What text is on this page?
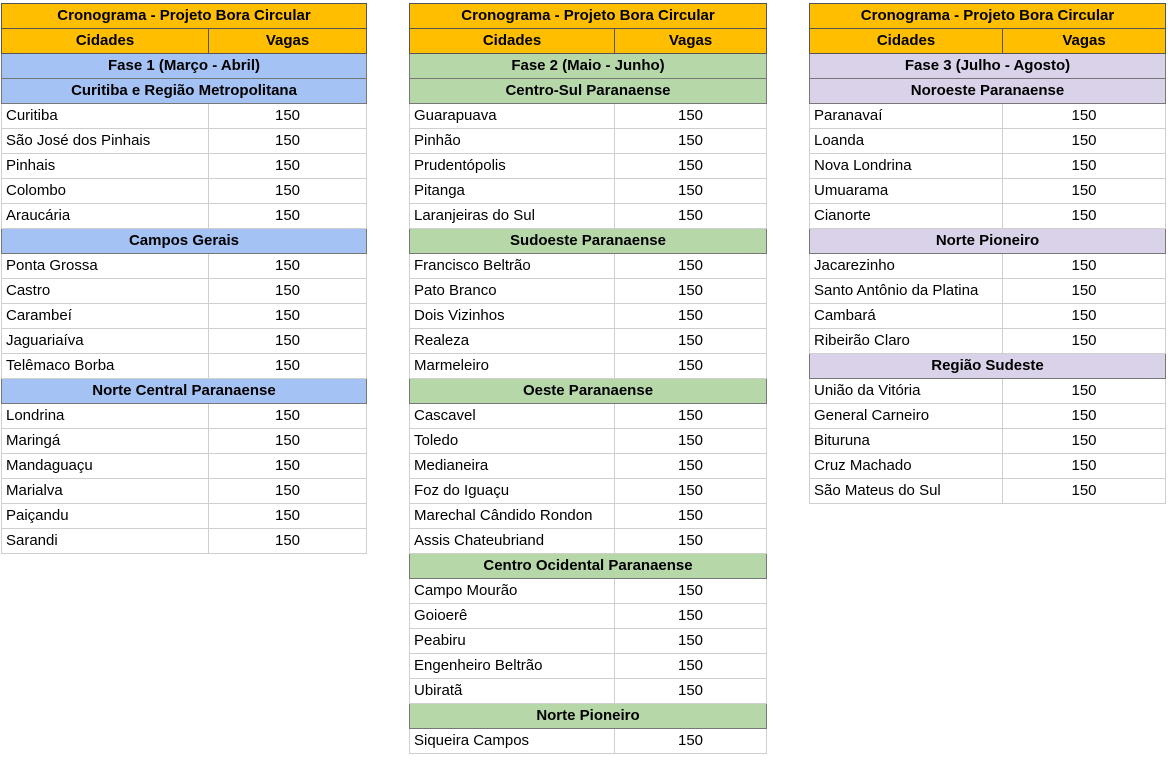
Cronograma - Projeto Bora Circular	
Cidades	Vagas
Fase 1 (Março - Abril)	
Curitiba e Região Metropolitana	
Curitiba	150
São José dos Pinhais	150
Pinhais	150
Colombo	150
Araucária	150
Campos Gerais	
Ponta Grossa	150
Castro	150
Carambeí	150
Jaguariaíva	150
Telêmaco Borba	150
Norte Central Paranaense	
Londrina	150
Maringá	150
Mandaguaçu	150
Marialva	150
Paiçandu	150
Sarandi	150
Cronograma - Projeto Bora Circular	
Cidades	Vagas
Fase 2 (Maio - Junho)	
Centro-Sul Paranaense	
Guarapuava	150
Pinhão	150
Prudentópolis	150
Pitanga	150
Laranjeiras do Sul	150
Sudoeste Paranaense	
Francisco Beltrão	150
Pato Branco	150
Dois Vizinhos	150
Realeza	150
Marmeleiro	150
Oeste Paranaense	
Cascavel	150
Toledo	150
Medianeira	150
Foz do Iguaçu	150
Marechal Cândido Rondon	150
Assis Chateubriand	150
Centro Ocidental Paranaense	
Campo Mourão	150
Goioerê	150
Peabiru	150
Engenheiro Beltrão	150
Ubiratã	150
Norte Pioneiro	
Siqueira Campos	150
Cronograma - Projeto Bora Circular	
Cidades	Vagas
Fase 3 (Julho - Agosto)	
Noroeste Paranaense	
Paranavaí	150
Loanda	150
Nova Londrina	150
Umuarama	150
Cianorte	150
Norte Pioneiro	
Jacarezinho	150
Santo Antônio da Platina	150
Cambará	150
Ribeirão Claro	150
Região Sudeste	
União da Vitória	150
General Carneiro	150
Bituruna	150
Cruz Machado	150
São Mateus do Sul	150
